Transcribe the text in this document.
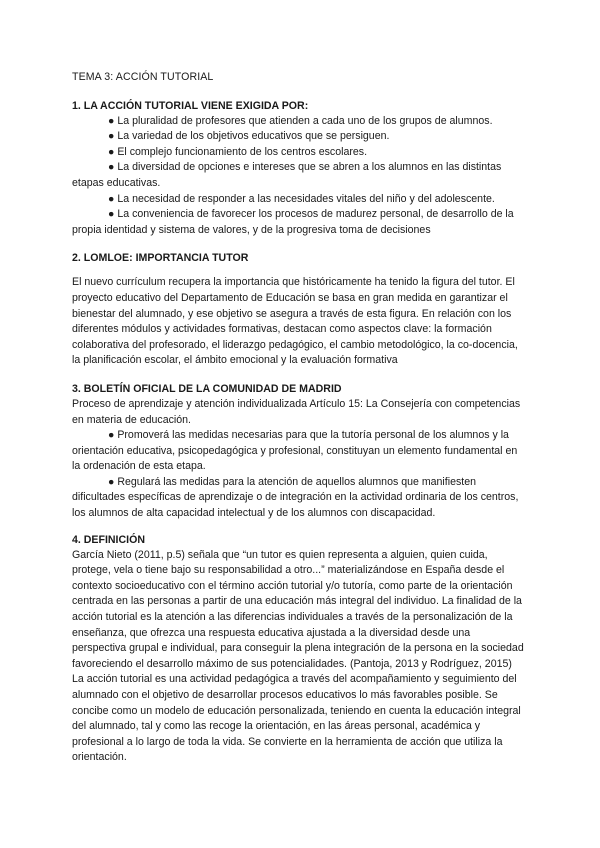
TEMA 3: ACCIÓN TUTORIAL

1. LA ACCIÓN TUTORIAL VIENE EXIGIDA POR:

● La pluralidad de profesores que atienden a cada uno de los grupos de alumnos.

● La variedad de los objetivos educativos que se persiguen.

● El complejo funcionamiento de los centros escolares.

● La diversidad de opciones e intereses que se abren a los alumnos en las distintas etapas educativas.

● La necesidad de responder a las necesidades vitales del niño y del adolescente.

● La conveniencia de favorecer los procesos de madurez personal, de desarrollo de la propia identidad y sistema de valores, y de la progresiva toma de decisiones

2. LOMLOE: IMPORTANCIA TUTOR

El nuevo currículum recupera la importancia que históricamente ha tenido la figura del tutor. El proyecto educativo del Departamento de Educación se basa en gran medida en garantizar el bienestar del alumnado, y ese objetivo se asegura a través de esta figura. En relación con los diferentes módulos y actividades formativas, destacan como aspectos clave: la formación colaborativa del profesorado, el liderazgo pedagógico, el cambio metodológico, la co-docencia, la planificación escolar, el ámbito emocional y la evaluación formativa

3. BOLETÍN OFICIAL DE LA COMUNIDAD DE MADRID

Proceso de aprendizaje y atención individualizada Artículo 15: La Consejería con competencias en materia de educación.

● Promoverá las medidas necesarias para que la tutoría personal de los alumnos y la orientación educativa, psicopedagógica y profesional, constituyan un elemento fundamental en la ordenación de esta etapa.

● Regulará las medidas para la atención de aquellos alumnos que manifiesten dificultades específicas de aprendizaje o de integración en la actividad ordinaria de los centros, los alumnos de alta capacidad intelectual y de los alumnos con discapacidad.

4. DEFINICIÓN

García Nieto (2011, p.5) señala que “un tutor es quien representa a alguien, quien cuida, protege, vela o tiene bajo su responsabilidad a otro...” materializándose en España desde el contexto socioeducativo con el término acción tutorial y/o tutoría, como parte de la orientación centrada en las personas a partir de una educación más integral del individuo. La finalidad de la acción tutorial es la atención a las diferencias individuales a través de la personalización de la enseñanza, que ofrezca una respuesta educativa ajustada a la diversidad desde una perspectiva grupal e individual, para conseguir la plena integración de la persona en la sociedad favoreciendo el desarrollo máximo de sus potencialidades. (Pantoja, 2013 y Rodríguez, 2015) La acción tutorial es una actividad pedagógica a través del acompañamiento y seguimiento del alumnado con el objetivo de desarrollar procesos educativos lo más favorables posible. Se concibe como un modelo de educación personalizada, teniendo en cuenta la educación integral del alumnado, tal y como las recoge la orientación, en las áreas personal, académica y profesional a lo largo de toda la vida. Se convierte en la herramienta de acción que utiliza la orientación.
